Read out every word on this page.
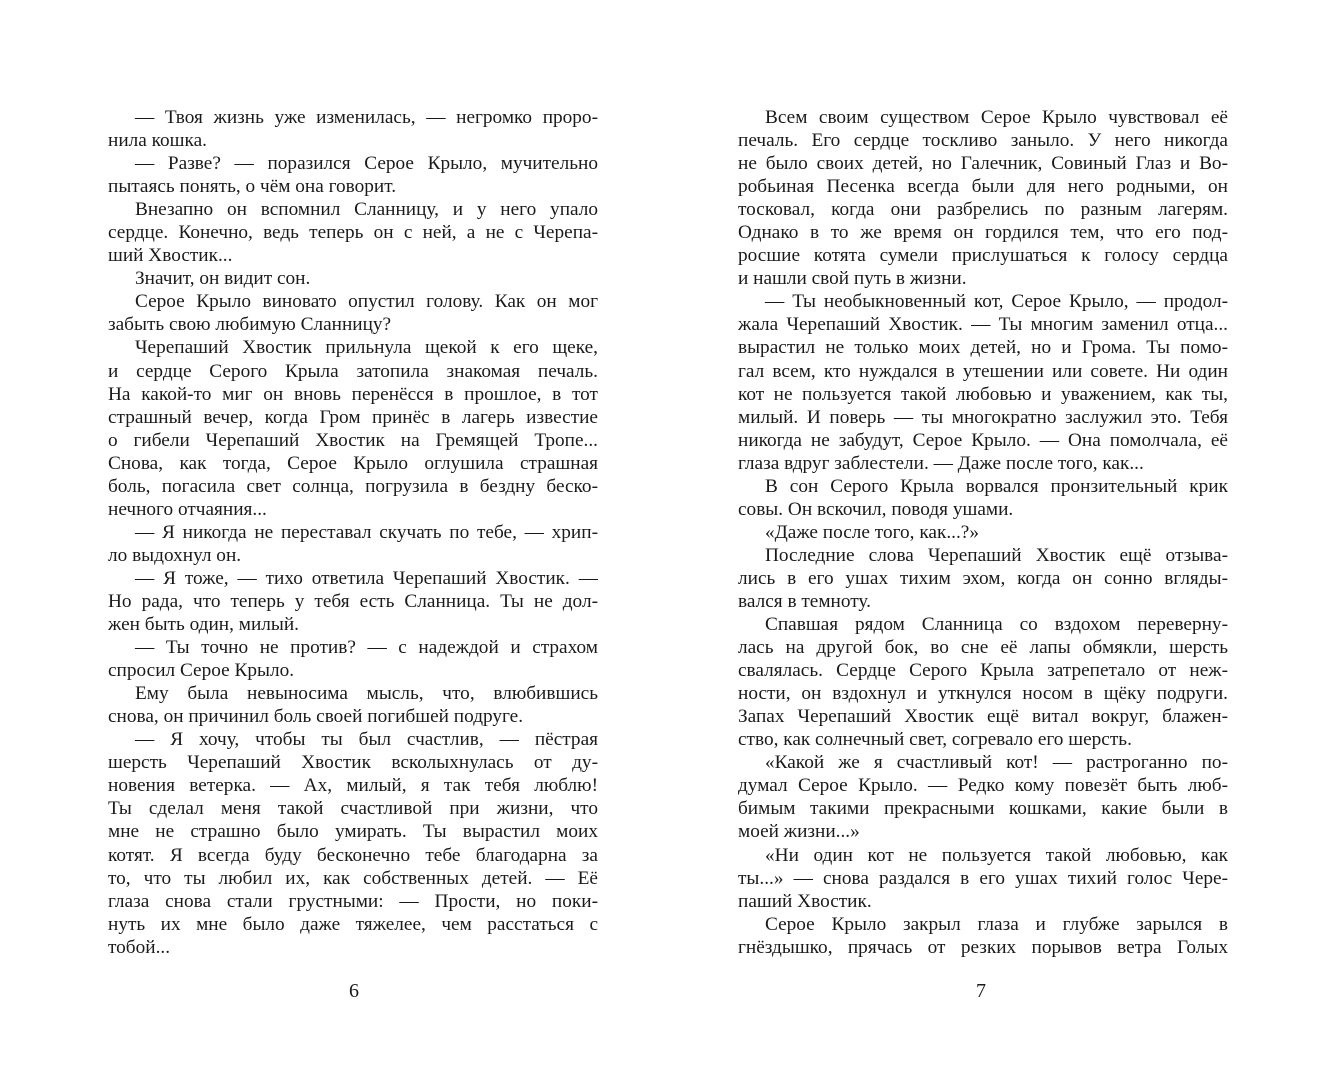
— Твоя жизнь уже изменилась, — негромко проро-
нила кошка.
— Разве? — поразился Серое Крыло, мучительно
пытаясь понять, о чём она говорит.
Внезапно он вспомнил Сланницу, и у него упало
сердце. Конечно, ведь теперь он с ней, а не с Черепа-
ший Хвостик...
Значит, он видит сон.
Серое Крыло виновато опустил голову. Как он мог
забыть свою любимую Сланницу?
Черепаший Хвостик прильнула щекой к его щеке,
и сердце Серого Крыла затопила знакомая печаль.
На какой-то миг он вновь перенёсся в прошлое, в тот
страшный вечер, когда Гром принёс в лагерь известие
о гибели Черепаший Хвостик на Гремящей Тропе...
Снова, как тогда, Серое Крыло оглушила страшная
боль, погасила свет солнца, погрузила в бездну беско-
нечного отчаяния...
— Я никогда не переставал скучать по тебе, — хрип-
ло выдохнул он.
— Я тоже, — тихо ответила Черепаший Хвостик. —
Но рада, что теперь у тебя есть Сланница. Ты не дол-
жен быть один, милый.
— Ты точно не против? — с надеждой и страхом
спросил Серое Крыло.
Ему была невыносима мысль, что, влюбившись
снова, он причинил боль своей погибшей подруге.
— Я хочу, чтобы ты был счастлив, — пёстрая
шерсть Черепаший Хвостик всколыхнулась от ду-
новения ветерка. — Ах, милый, я так тебя люблю!
Ты сделал меня такой счастливой при жизни, что
мне не страшно было умирать. Ты вырастил моих
котят. Я всегда буду бесконечно тебе благодарна за
то, что ты любил их, как собственных детей. — Её
глаза снова стали грустными: — Прости, но поки-
нуть их мне было даже тяжелее, чем расстаться с
тобой...
Всем своим существом Серое Крыло чувствовал её
печаль. Его сердце тоскливо заныло. У него никогда
не было своих детей, но Галечник, Совиный Глаз и Во-
робьиная Песенка всегда были для него родными, он
тосковал, когда они разбрелись по разным лагерям.
Однако в то же время он гордился тем, что его под-
росшие котята сумели прислушаться к голосу сердца
и нашли свой путь в жизни.
— Ты необыкновенный кот, Серое Крыло, — продол-
жала Черепаший Хвостик. — Ты многим заменил отца...
вырастил не только моих детей, но и Грома. Ты помо-
гал всем, кто нуждался в утешении или совете. Ни один
кот не пользуется такой любовью и уважением, как ты,
милый. И поверь — ты многократно заслужил это. Тебя
никогда не забудут, Серое Крыло. — Она помолчала, её
глаза вдруг заблестели. — Даже после того, как...
В сон Серого Крыла ворвался пронзительный крик
совы. Он вскочил, поводя ушами.
«Даже после того, как...?»
Последние слова Черепаший Хвостик ещё отзыва-
лись в его ушах тихим эхом, когда он сонно вгляды-
вался в темноту.
Спавшая рядом Сланница со вздохом переверну-
лась на другой бок, во сне её лапы обмякли, шерсть
свалялась. Сердце Серого Крыла затрепетало от неж-
ности, он вздохнул и уткнулся носом в щёку подруги.
Запах Черепаший Хвостик ещё витал вокруг, блажен-
ство, как солнечный свет, согревало его шерсть.
«Какой же я счастливый кот! — растроганно по-
думал Серое Крыло. — Редко кому повезёт быть люб-
бимым такими прекрасными кошками, какие были в
моей жизни...»
«Ни один кот не пользуется такой любовью, как
ты...» — снова раздался в его ушах тихий голос Чере-
паший Хвостик.
Серое Крыло закрыл глаза и глубже зарылся в
гнёздышко, прячась от резких порывов ветра Голых
6	7
